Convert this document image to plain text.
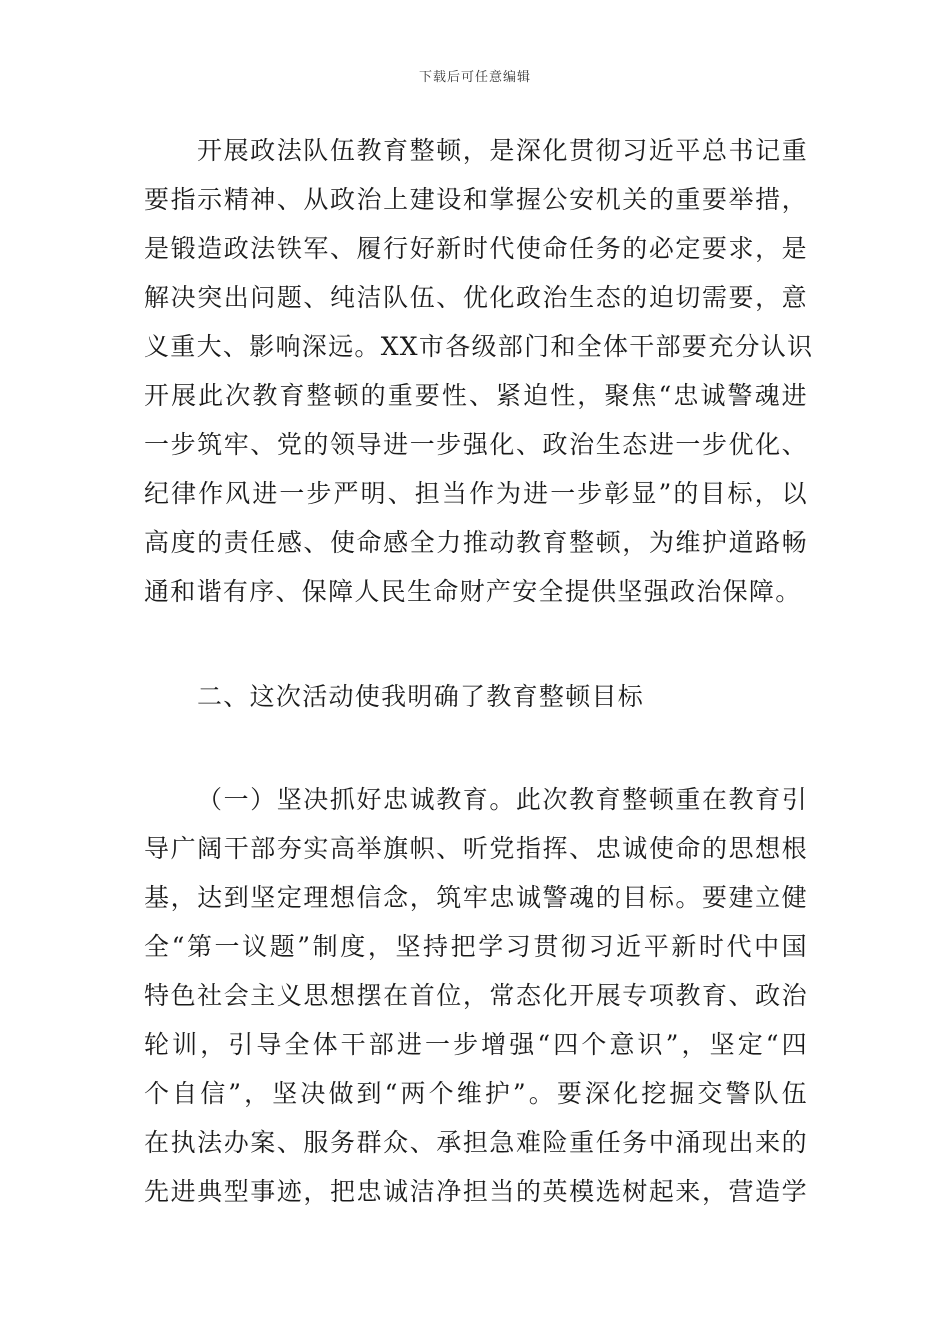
下载后可任意编辑
开展政法队伍教育整顿，是深化贯彻习近平总书记重
要指示精神、从政治上建设和掌握公安机关的重要举措，
是锻造政法铁军、履行好新时代使命任务的必定要求，是
解决突出问题、纯洁队伍、优化政治生态的迫切需要，意
义重大、影响深远。XX市各级部门和全体干部要充分认识
开展此次教育整顿的重要性、紧迫性，聚焦“忠诚警魂进
一步筑牢、党的领导进一步强化、政治生态进一步优化、
纪律作风进一步严明、担当作为进一步彰显”的目标，以
高度的责任感、使命感全力推动教育整顿，为维护道路畅
通和谐有序、保障人民生命财产安全提供坚强政治保障。
二、这次活动使我明确了教育整顿目标
（一）坚决抓好忠诚教育。此次教育整顿重在教育引
导广阔干部夯实高举旗帜、听党指挥、忠诚使命的思想根
基，达到坚定理想信念，筑牢忠诚警魂的目标。要建立健
全“第一议题”制度，坚持把学习贯彻习近平新时代中国
特色社会主义思想摆在首位，常态化开展专项教育、政治
轮训，引导全体干部进一步增强“四个意识”，坚定“四
个自信”，坚决做到“两个维护”。要深化挖掘交警队伍
在执法办案、服务群众、承担急难险重任务中涌现出来的
先进典型事迹，把忠诚洁净担当的英模选树起来，营造学
